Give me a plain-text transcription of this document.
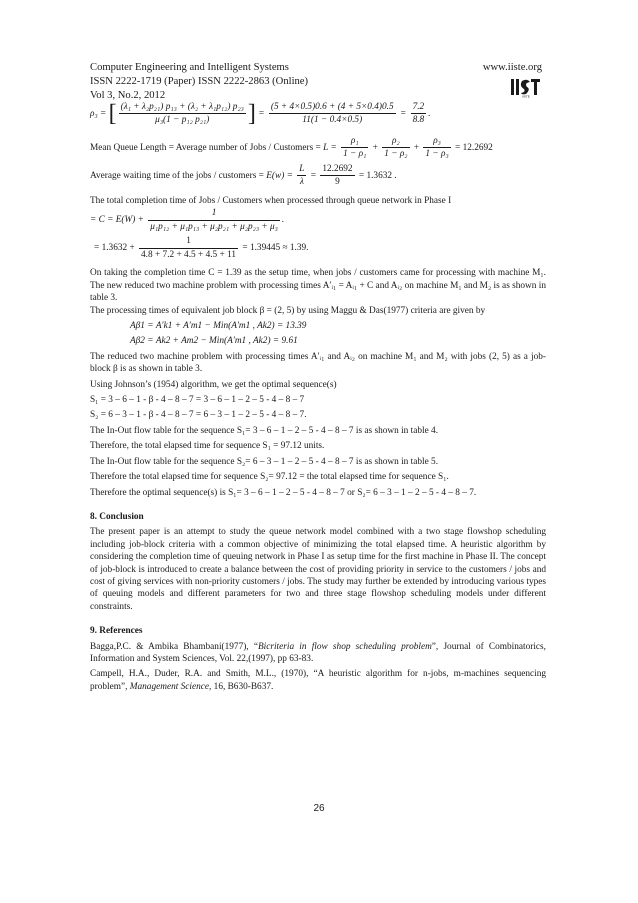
Computer Engineering and Intelligent Systems
ISSN 2222-1719 (Paper) ISSN 2222-2863 (Online)
Vol 3, No.2, 2012
www.iiste.org
IISTE
ρ₃ = [ $\frac{\text{(λ₁ + λ₂p₂₁) p₁₃ + (λ₂ + λ₁p₁₂) p₂₃}}{\text{μ₃(1 − p₁₂ p₂₁)}}$ ] = $\frac{(5 + 4\times 0.5)0.6 + (4 + 5\times 0.4)0.5}{11(1 - 0.4\times 0.5)} = \frac{7.2}{8.8}$ .
Mean Queue Length = Average number of Jobs / Customers = $L = \frac{\text{ρ₁}}{\text{1 − ρ₁}} + \frac{\text{ρ₂}}{\text{1 − ρ₂}} + \frac{\text{ρ₃}}{\text{1 − ρ₃}} = 12.2692$
Average waiting time of the jobs / customers = $E(w) = \frac{L}{\lambda} = \frac{12.2692}{9} = 1.3632$ .
The total completion time of Jobs / Customers when processed through queue network in Phase I
= $C = E(W) + \frac{1}{\text{μ₁p₁₂ + μ₁p₁₃ + μ₂p₂₁ + μ₂p₂₃ + μ₃}}$ .
= $1.3632 + \frac{1}{4.8 + 7.2 + 4.5 + 4.5 + 11} = 1.39445 \approx 1.39$.
On taking the completion time C = 1.39 as the setup time, when jobs / customers came for processing with machine M₁. The new reduced two machine problem with processing times A′ᵢ₁ = Aᵢ₁ + C and Aᵢ₂ on machine M₁ and M₂ is as shown in table 3.
The processing times of equivalent job block β = (2, 5) by using Maggu & Das(1977) criteria are given by
Aβ1 = A′k1 + A′m1 − Min(A′m1 , Ak2) = 13.39
Aβ2 = Ak2 + Am2 − Min(A′m1 , Ak2) = 9.61
The reduced two machine problem with processing times A′ᵢ₁ and Aᵢ₂ on machine M₁ and M₂ with jobs (2, 5) as a job-block β is as shown in table 3.
Using Johnson’s (1954) algorithm, we get the optimal sequence(s)
S₁ = 3 – 6 – 1 - β - 4 – 8 – 7 = 3 – 6 – 1 – 2 – 5 - 4 – 8 – 7
S₂ = 6 – 3 – 1 - β - 4 – 8 – 7 = 6 – 3 – 1 – 2 – 5 - 4 – 8 – 7.
The In-Out flow table for the sequence S₁= 3 – 6 – 1 – 2 – 5 - 4 – 8 – 7 is as shown in table 4.
Therefore, the total elapsed time for sequence S₁ = 97.12 units.
The In-Out flow table for the sequence S₂= 6 – 3 – 1 – 2 – 5 - 4 – 8 – 7 is as shown in table 5.
Therefore the total elapsed time for sequence S₂= 97.12 = the total elapsed time for sequence S₁.
Therefore the optimal sequence(s) is S₁= 3 – 6 – 1 – 2 – 5 - 4 – 8 – 7 or S₂= 6 – 3 – 1 – 2 – 5 - 4 – 8 – 7.
8. Conclusion
The present paper is an attempt to study the queue network model combined with a two stage flowshop scheduling including job-block criteria with a common objective of minimizing the total elapsed time. A heuristic algorithm by considering the completion time of queuing network in Phase I as setup time for the first machine in Phase II. The concept of job-block is introduced to create a balance between the cost of providing priority in service to the customers / jobs and cost of giving services with non-priority customers / jobs. The study may further be extended by introducing various types of queuing models and different parameters for two and three stage flowshop scheduling models under different constraints.
9. References
Bagga,P.C. & Ambika Bhambani(1977), “Bicriteria in flow shop scheduling problem”, Journal of Combinatorics, Information and System Sciences, Vol. 22,(1997), pp 63-83.
Campell, H.A., Duder, R.A. and Smith, M.L., (1970), “A heuristic algorithm for n-jobs, m-machines sequencing problem”, Management Science, 16, B630-B637.
26
